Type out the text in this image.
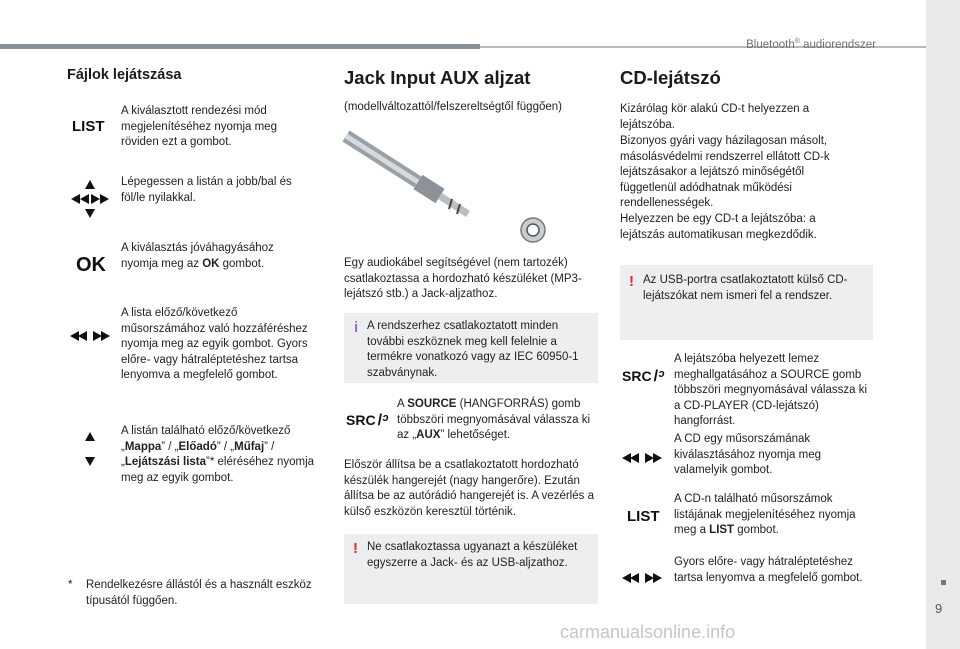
Bluetooth® audiorendszer
9
carmanualsonline.info
Fájlok lejátszása
LIST
A kiválasztott rendezési mód megjelenítéséhez nyomja meg röviden ezt a gombot.
Lépegessen a listán a jobb/bal és föl/le nyilakkal.
OK
A kiválasztás jóváhagyásához nyomja meg az OK gombot.
A lista előző/következő műsorszámához való hozzáféréshez nyomja meg az egyik gombot. Gyors előre- vagy hátraléptetéshez tartsa lenyomva a megfelelő gombot.
A listán található előző/következő „Mappa” / „Előadó” / „Műfaj” / „Lejátszási lista”* eléréséhez nyomja meg az egyik gombot.
* Rendelkezésre állástól és a használt eszköz típusától függően.
Jack Input AUX aljzat
(modellváltozattól/felszereltségtől függően)
Egy audiokábel segítségével (nem tartozék) csatlakoztassa a hordozható készüléket (MP3-lejátszó stb.) a Jack-aljzathoz.
i A rendszerhez csatlakoztatott minden további eszköznek meg kell felelnie a termékre vonatkozó vagy az IEC 60950-1 szabványnak.
SRC /ᵓ
A SOURCE (HANGFORRÁS) gomb többszöri megnyomásával válassza ki az „AUX” lehetőséget.
Először állítsa be a csatlakoztatott hordozható készülék hangerejét (nagy hangerőre). Ezután állítsa be az autórádió hangerejét is. A vezérlés a külső eszközön keresztül történik.
! Ne csatlakoztassa ugyanazt a készüléket egyszerre a Jack- és az USB-aljzathoz.
CD-lejátszó
Kizárólag kör alakú CD-t helyezzen a lejátszóba.
Bizonyos gyári vagy házilagosan másolt, másolásvédelmi rendszerrel ellátott CD-k lejátszásakor a lejátszó minőségétől függetlenül adódhatnak működési rendellenességek.
Helyezzen be egy CD-t a lejátszóba: a lejátszás automatikusan megkezdődik.
! Az USB-portra csatlakoztatott külső CD-lejátszókat nem ismeri fel a rendszer.
SRC /ᵓ
A lejátszóba helyezett lemez meghallgatásához a SOURCE gomb többszöri megnyomásával válassza ki a CD-PLAYER (CD-lejátszó) hangforrást.
A CD egy műsorszámának kiválasztásához nyomja meg valamelyik gombot.
LIST
A CD-n található műsorszámok listájának megjelenítéséhez nyomja meg a LIST gombot.
Gyors előre- vagy hátraléptetéshez tartsa lenyomva a megfelelő gombot.
